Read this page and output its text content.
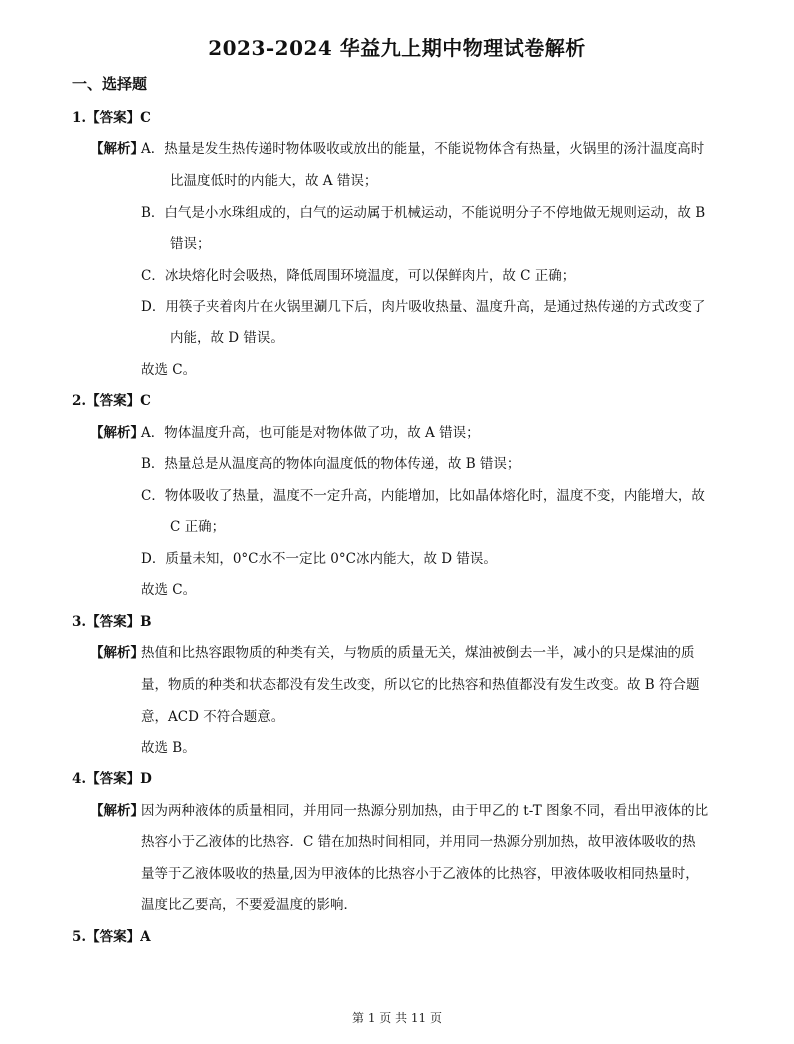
2023-2024 华益九上期中物理试卷解析
一、选择题
1.【答案】C
【解析】
A．热量是发生热传递时物体吸收或放出的能量，不能说物体含有热量，火锅里的汤汁温度高时
比温度低时的内能大，故 A 错误；
B．白气是小水珠组成的，白气的运动属于机械运动，不能说明分子不停地做无规则运动，故 B
错误；
C．冰块熔化时会吸热，降低周围环境温度，可以保鲜肉片，故 C 正确；
D．用筷子夹着肉片在火锅里涮几下后，肉片吸收热量、温度升高，是通过热传递的方式改变了
内能，故 D 错误。
故选 C。
2.【答案】C
【解析】
A．物体温度升高，也可能是对物体做了功，故 A 错误；
B．热量总是从温度高的物体向温度低的物体传递，故 B 错误；
C．物体吸收了热量，温度不一定升高，内能增加，比如晶体熔化时，温度不变，内能增大，故
C 正确；
D．质量未知，0°C水不一定比 0°C冰内能大，故 D 错误。
故选 C。
3.【答案】B
【解析】
热值和比热容跟物质的种类有关，与物质的质量无关，煤油被倒去一半，减小的只是煤油的质
量，物质的种类和状态都没有发生改变，所以它的比热容和热值都没有发生改变。故 B 符合题
意，ACD 不符合题意。
故选 B。
4.【答案】D
【解析】
因为两种液体的质量相同，并用同一热源分别加热，由于甲乙的 t-T 图象不同，看出甲液体的比
热容小于乙液体的比热容．C 错在加热时间相同，并用同一热源分别加热，故甲液体吸收的热
量等于乙液体吸收的热量,因为甲液体的比热容小于乙液体的比热容，甲液体吸收相同热量时，
温度比乙要高，不要爱温度的影响．
5.【答案】A
第 1 页 共 11 页
